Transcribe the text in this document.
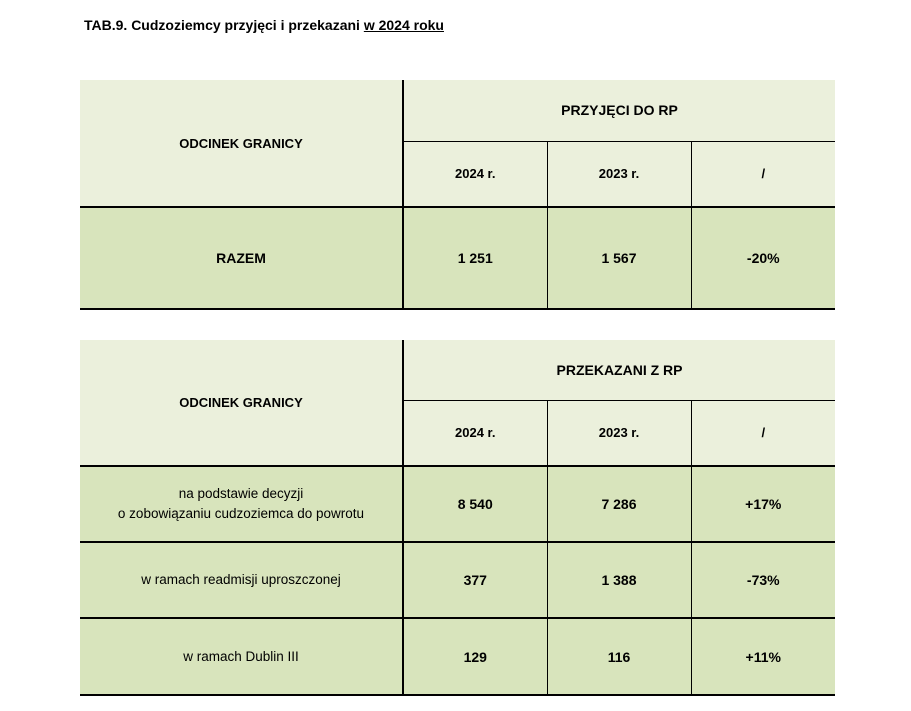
TAB.9. Cudzoziemcy przyjęci i przekazani w 2024 roku
ODCINEK GRANICY	PRZYJĘCI DO RP		
	2024 r.	2023 r.	/
RAZEM	1 251	1 567	-20%
ODCINEK GRANICY	PRZEKAZANI Z RP		
	2024 r.	2023 r.	/
na podstawie decyzji
o zobowiązaniu cudzoziemca do powrotu	8 540	7 286	+17%
w ramach readmisji uproszczonej	377	1 388	-73%
w ramach Dublin III	129	116	+11%
